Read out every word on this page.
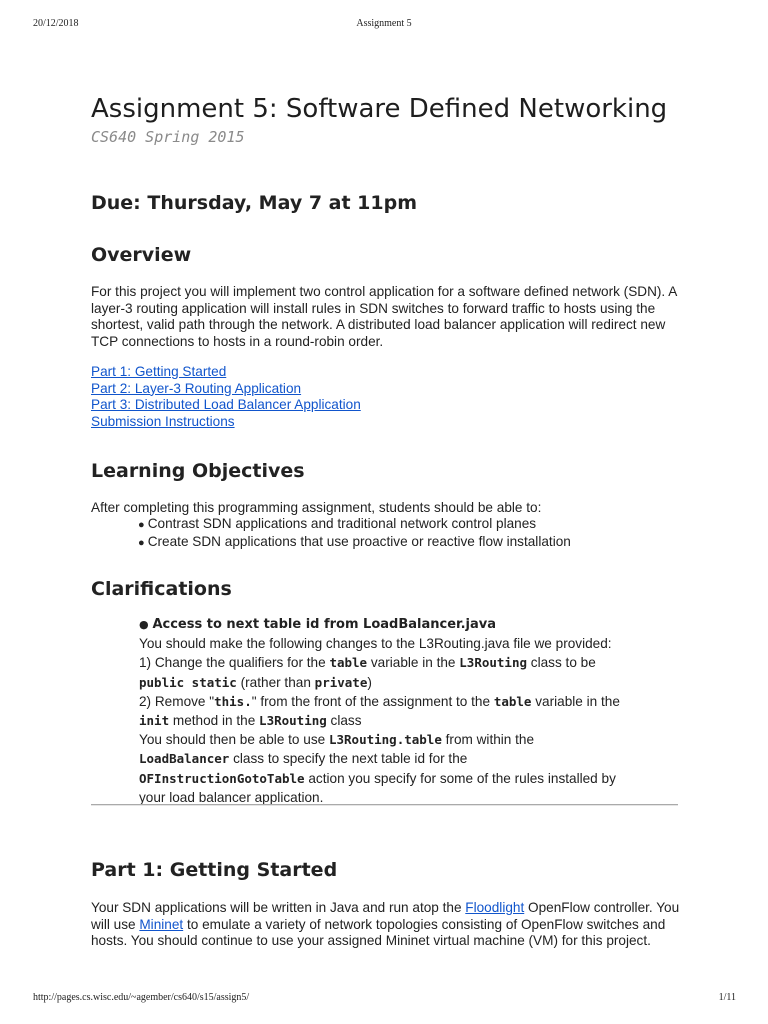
20/12/2018	Assignment 5
Assignment 5: Software Defined Networking
CS640 Spring 2015
Due: Thursday, May 7 at 11pm
Overview

For this project you will implement two control application for a software defined network (SDN). A layer-3 routing application will install rules in SDN switches to forward traffic to hosts using the shortest, valid path through the network. A distributed load balancer application will redirect new TCP connections to hosts in a round-robin order.

Part 1: Getting Started
Part 2: Layer-3 Routing Application
Part 3: Distributed Load Balancer Application
Submission Instructions
Learning Objectives

After completing this programming assignment, students should be able to:

● Contrast SDN applications and traditional network control planes
● Create SDN applications that use proactive or reactive flow installation
Clarifications
● Access to next table id from LoadBalancer.java
You should make the following changes to the L3Routing.java file we provided:
1) Change the qualifiers for the table variable in the L3Routing class to be
public static (rather than private)
2) Remove "this." from the front of the assignment to the table variable in the
init method in the L3Routing class
You should then be able to use L3Routing.table from within the
LoadBalancer class to specify the next table id for the
OFInstructionGotoTable action you specify for some of the rules installed by
your load balancer application.
Part 1: Getting Started

Your SDN applications will be written in Java and run atop the Floodlight OpenFlow controller. You will use Mininet to emulate a variety of network topologies consisting of OpenFlow switches and hosts. You should continue to use your assigned Mininet virtual machine (VM) for this project.

http://pages.cs.wisc.edu/~agember/cs640/s15/assign5/	1/11
